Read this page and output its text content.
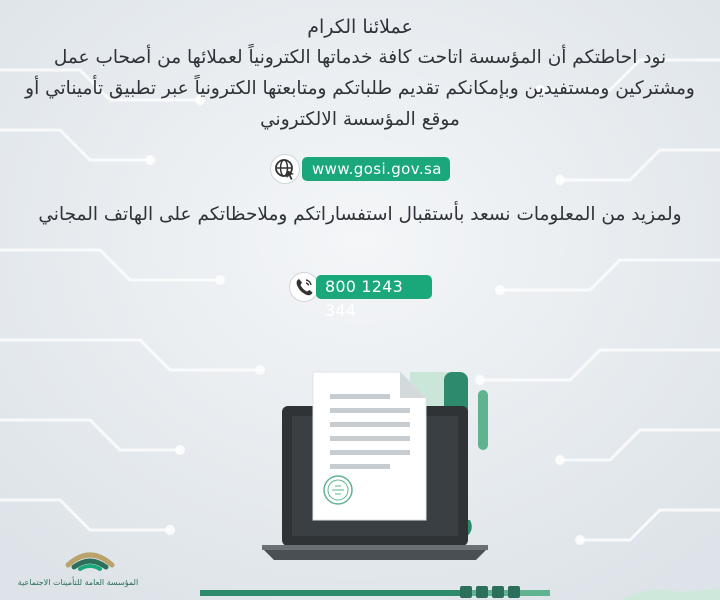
عملائنا الكرام
نود احاطتكم أن المؤسسة اتاحت كافة خدماتها الكترونياً لعملائها من أصحاب عمل ومشتركين ومستفيدين وبإمكانكم تقديم طلباتكم ومتابعتها الكترونياً عبر تطبيق تأميناتي أو موقع المؤسسة الالكتروني
www.gosi.gov.sa
ولمزيد من المعلومات نسعد بأستقبال استفساراتكم وملاحظاتكم على الهاتف المجاني
800 1243 344
المؤسسة العامة للتأمينات الاجتماعية
